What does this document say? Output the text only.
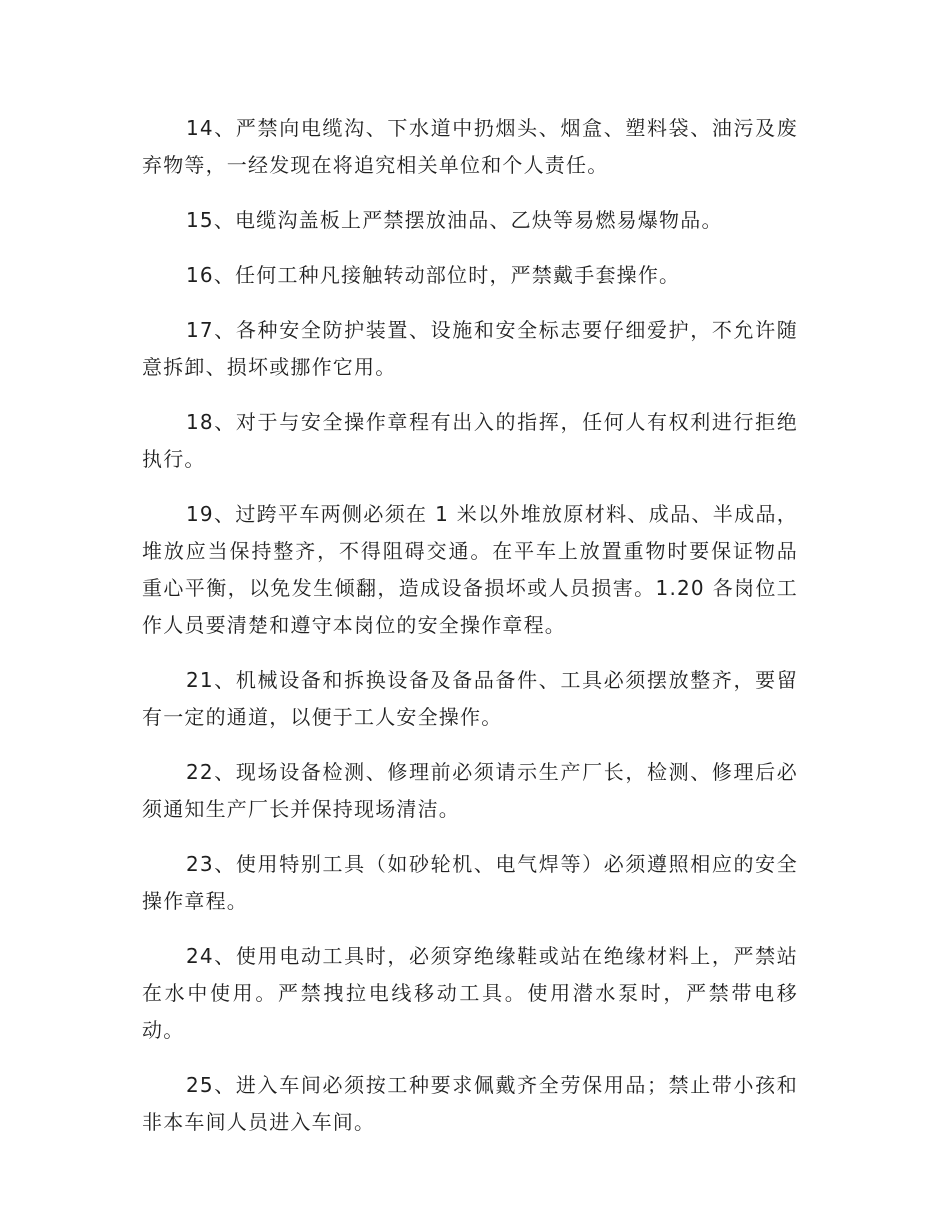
14、严禁向电缆沟、下水道中扔烟头、烟盒、塑料袋、油污及废弃物等，一经发现在将追究相关单位和个人责任。

15、电缆沟盖板上严禁摆放油品、乙炔等易燃易爆物品。

16、任何工种凡接触转动部位时，严禁戴手套操作。

17、各种安全防护装置、设施和安全标志要仔细爱护，不允许随意拆卸、损坏或挪作它用。

18、对于与安全操作章程有出入的指挥，任何人有权利进行拒绝执行。

19、过跨平车两侧必须在 1 米以外堆放原材料、成品、半成品，堆放应当保持整齐，不得阻碍交通。在平车上放置重物时要保证物品重心平衡，以免发生倾翻，造成设备损坏或人员损害。1.20 各岗位工作人员要清楚和遵守本岗位的安全操作章程。

21、机械设备和拆换设备及备品备件、工具必须摆放整齐，要留有一定的通道，以便于工人安全操作。

22、现场设备检测、修理前必须请示生产厂长，检测、修理后必须通知生产厂长并保持现场清洁。

23、使用特别工具（如砂轮机、电气焊等）必须遵照相应的安全操作章程。

24、使用电动工具时，必须穿绝缘鞋或站在绝缘材料上，严禁站在水中使用。严禁拽拉电线移动工具。使用潜水泵时，严禁带电移动。

25、进入车间必须按工种要求佩戴齐全劳保用品；禁止带小孩和非本车间人员进入车间。
